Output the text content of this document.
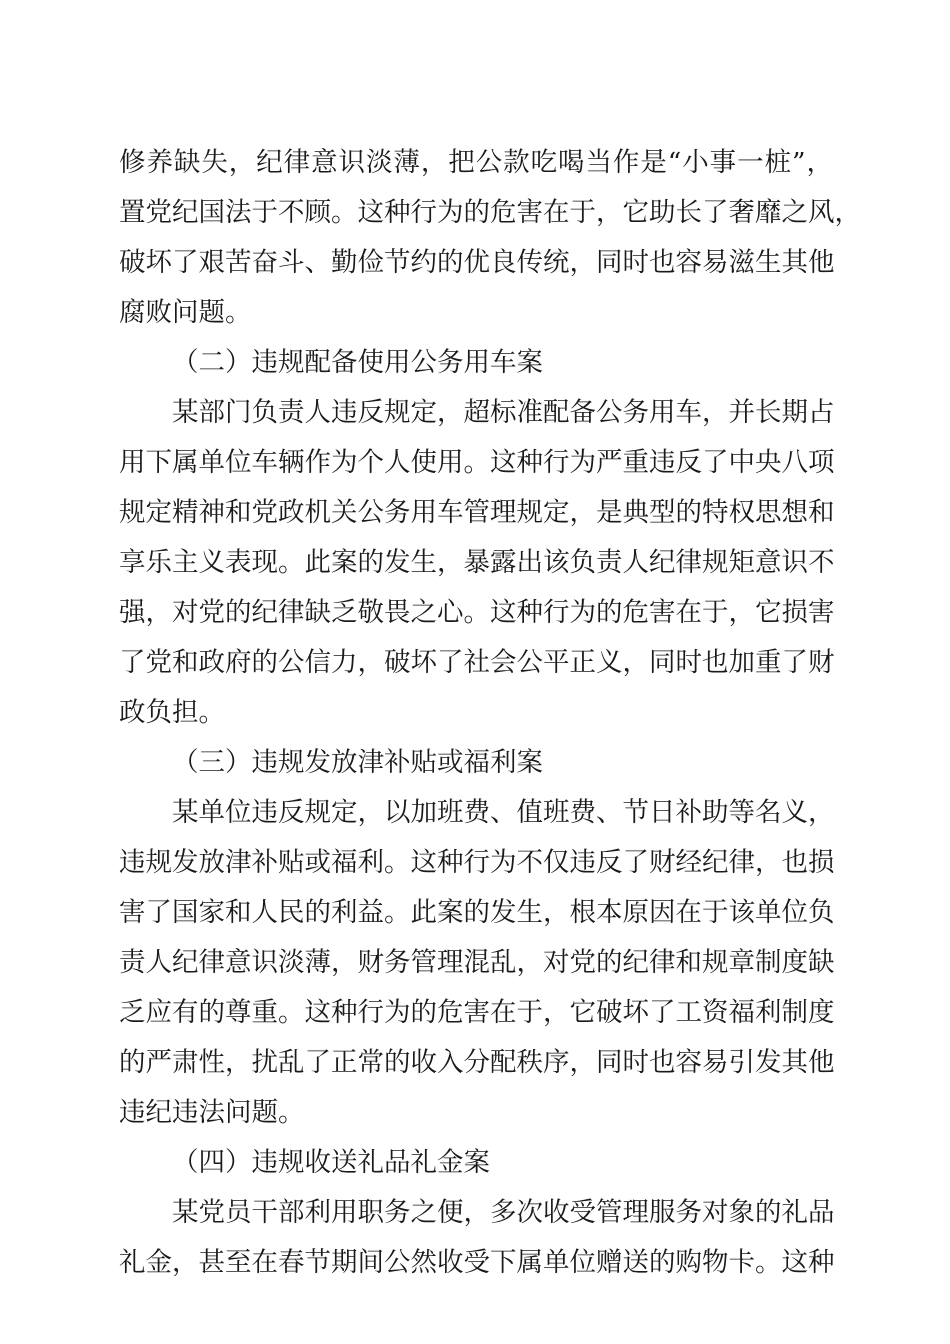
修养缺失，纪律意识淡薄，把公款吃喝当作是“小事一桩”，
置党纪国法于不顾。这种行为的危害在于，它助长了奢靡之风，
破坏了艰苦奋斗、勤俭节约的优良传统，同时也容易滋生其他
腐败问题。
（二）违规配备使用公务用车案
某部门负责人违反规定，超标准配备公务用车，并长期占
用下属单位车辆作为个人使用。这种行为严重违反了中央八项
规定精神和党政机关公务用车管理规定，是典型的特权思想和
享乐主义表现。此案的发生，暴露出该负责人纪律规矩意识不
强，对党的纪律缺乏敬畏之心。这种行为的危害在于，它损害
了党和政府的公信力，破坏了社会公平正义，同时也加重了财
政负担。
（三）违规发放津补贴或福利案
某单位违反规定，以加班费、值班费、节日补助等名义，
违规发放津补贴或福利。这种行为不仅违反了财经纪律，也损
害了国家和人民的利益。此案的发生，根本原因在于该单位负
责人纪律意识淡薄，财务管理混乱，对党的纪律和规章制度缺
乏应有的尊重。这种行为的危害在于，它破坏了工资福利制度
的严肃性，扰乱了正常的收入分配秩序，同时也容易引发其他
违纪违法问题。
（四）违规收送礼品礼金案
某党员干部利用职务之便，多次收受管理服务对象的礼品
礼金，甚至在春节期间公然收受下属单位赠送的购物卡。这种
